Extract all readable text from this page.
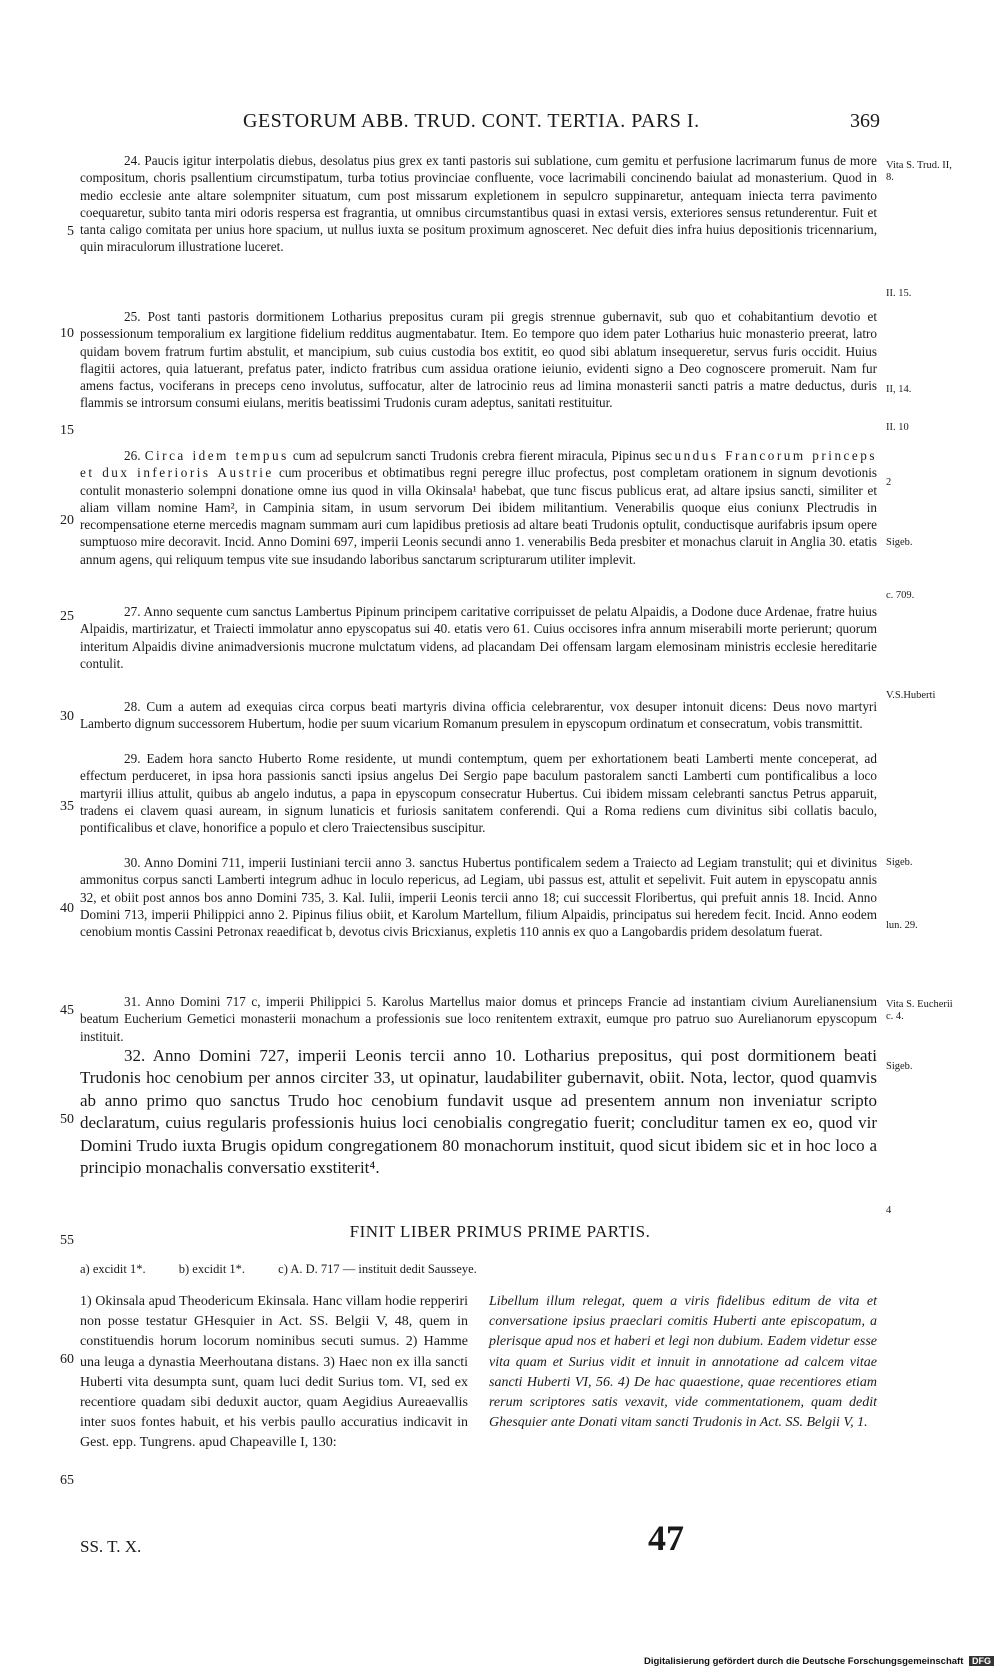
GESTORUM ABB. TRUD. CONT. TERTIA. PARS I.	369

24. Paucis igitur interpolatis diebus, desolatus pius grex ex tanti pastoris sui sublatione, cum gemitu et perfusione lacrimarum funus de more compositum, choris psallentium circumstipatum, turba totius provinciae confluente, voce lacrimabili concinendo baiulat ad monasterium. Quod in medio ecclesie ante altare solempniter situatum, cum post missarum expletionem in sepulcro suppinaretur, antequam iniecta terra pavimento coequaretur, subito tanta miri odoris respersa est fragrantia, ut omnibus circumstantibus quasi in extasi versis, exteriores sensus retunderentur. Fuit et tanta caligo comitata per unius hore spacium, ut nullus iuxta se positum proximum agnosceret. Nec defuit dies infra huius depositionis tricennarium, quin miraculorum illustratione luceret.

25. Post tanti pastoris dormitionem Lotharius prepositus curam pii gregis strennue gubernavit, sub quo et cohabitantium devotio et possessionum temporalium ex largitione fidelium redditus augmentabatur. Item. Eo tempore quo idem pater Lotharius huic monasterio preerat, latro quidam bovem fratrum furtim abstulit, et mancipium, sub cuius custodia bos extitit, eo quod sibi ablatum insequeretur, servus furis occidit. Huius flagitii actores, quia latuerant, prefatus pater, indicto fratribus cum assidua oratione ieiunio, evidenti signo a Deo cognoscere promeruit. Nam fur amens factus, vociferans in preceps ceno involutus, suffocatur, alter de latrocinio reus ad limina monasterii sancti patris a matre deductus, duris flammis se introrsum consumi eiulans, meritis beatissimi Trudonis curam adeptus, sanitati restituitur.

26. Circa idem tempus cum ad sepulcrum sancti Trudonis crebra fierent miracula, Pipinus secundus Francorum princeps et dux inferioris Austrie cum proceribus et obtimatibus regni peregre illuc profectus, post completam orationem in signum devotionis contulit monasterio solempni donatione omne ius quod in villa Okinsala¹ habebat, que tunc fiscus publicus erat, ad altare ipsius sancti, similiter et aliam villam nomine Ham², in Campinia sitam, in usum servorum Dei ibidem militantium. Venerabilis quoque eius coniunx Plectrudis in recompensatione eterne mercedis magnam summam auri cum lapidibus pretiosis ad altare beati Trudonis optulit, conductisque aurifabris ipsum opere sumptuoso mire decoravit. Incid. Anno Domini 697, imperii Leonis secundi anno 1. venerabilis Beda presbiter et monachus claruit in Anglia 30. etatis annum agens, qui reliquum tempus vite sue insudando laboribus sanctarum scripturarum utiliter implevit.

27. Anno sequente cum sanctus Lambertus Pipinum principem caritative corripuisset de pelatu Alpaidis, a Dodone duce Ardenae, fratre huius Alpaidis, martirizatur, et Traiecti immolatur anno epyscopatus sui 40. etatis vero 61. Cuius occisores infra annum miserabili morte perierunt; quorum interitum Alpaidis divine animadversionis mucrone mulctatum videns, ad placandam Dei offensam largam elemosinam ministris ecclesie hereditarie contulit.

28. Cum a autem ad exequias circa corpus beati martyris divina officia celebrarentur, vox desuper intonuit dicens: Deus novo martyri Lamberto dignum successorem Hubertum, hodie per suum vicarium Romanum presulem in epyscopum ordinatum et consecratum, vobis transmittit.

29. Eadem hora sancto Huberto Rome residente, ut mundi contemptum, quem per exhortationem beati Lamberti mente conceperat, ad effectum perduceret, in ipsa hora passionis sancti ipsius angelus Dei Sergio pape baculum pastoralem sancti Lamberti cum pontificalibus a loco martyrii illius attulit, quibus ab angelo indutus, a papa in epyscopum consecratur Hubertus. Cui ibidem missam celebranti sanctus Petrus apparuit, tradens ei clavem quasi auream, in signum lunaticis et furiosis sanitatem conferendi. Qui a Roma rediens cum divinitus sibi collatis baculo, pontificalibus et clave, honorifice a populo et clero Traiectensibus suscipitur.

30. Anno Domini 711, imperii Iustiniani tercii anno 3. sanctus Hubertus pontificalem sedem a Traiecto ad Legiam transtulit; qui et divinitus ammonitus corpus sancti Lamberti integrum adhuc in loculo repericus, ad Legiam, ubi passus est, attulit et sepelivit. Fuit autem in epyscopatu annis 32, et obiit post annos bos anno Domini 735, 3. Kal. Iulii, imperii Leonis tercii anno 18; cui successit Floribertus, qui prefuit annis 18. Incid. Anno Domini 713, imperii Philippici anno 2. Pipinus filius obiit, et Karolum Martellum, filium Alpaidis, principatus sui heredem fecit. Incid. Anno eodem cenobium montis Cassini Petronax reaedificat b, devotus civis Bricxianus, expletis 110 annis ex quo a Langobardis pridem desolatum fuerat.

31. Anno Domini 717 c, imperii Philippici 5. Karolus Martellus maior domus et princeps Francie ad instantiam civium Aurelianensium beatum Eucherium Gemetici monasterii monachum a professionis sue loco renitentem extraxit, eumque pro patruo suo Aurelianorum epyscopum instituit.

32. Anno Domini 727, imperii Leonis tercii anno 10. Lotharius prepositus, qui post dormitionem beati Trudonis hoc cenobium per annos circiter 33, ut opinatur, laudabiliter gubernavit, obiit. Nota, lector, quod quamvis ab anno primo quo sanctus Trudo hoc cenobium fundavit usque ad presentem annum non inveniatur scripto declaratum, cuius regularis professionis huius loci cenobialis congregatio fuerit; concluditur tamen ex eo, quod vir Domini Trudo iuxta Brugis opidum congregationem 80 monachorum instituit, quod sicut ibidem sic et in hoc loco a principio monachalis conversatio exstiterit⁴.

5
10
15
20
25
30
35
40
45
50
55
60
65
Vita S. Trud. II, 8.
II. 15.
II, 14.
II. 10
2
Sigeb.
c. 709.
V.S.Huberti
Sigeb.
lun. 29.
Vita S. Eucherii c. 4.
Sigeb.
4
FINIT LIBER PRIMUS PRIME PARTIS.
a) excidit 1*.	b) excidit 1*.	c) A. D. 717 — instituit dedit Sausseye.

1) Okinsala apud Theodericum Ekinsala. Hanc villam hodie repperiri non posse testatur GHesquier in Act. SS. Belgii V, 48, quem in constituendis horum locorum nominibus secuti sumus. 2) Hamme una leuga a dynastia Meerhoutana distans. 3) Haec non ex illa sancti Huberti vita desumpta sunt, quam luci dedit Surius tom. VI, sed ex recentiore quadam sibi deduxit auctor, quam Aegidius Aureaevallis inter suos fontes habuit, et his verbis paullo accuratius indicavit in Gest. epp. Tungrens. apud Chapeaville I, 130:

Libellum illum relegat, quem a viris fidelibus editum de vita et conversatione ipsius praeclari comitis Huberti ante episcopatum, a plerisque apud nos et haberi et legi non dubium. Eadem videtur esse vita quam et Surius vidit et innuit in annotatione ad calcem vitae sancti Huberti VI, 56. 4) De hac quaestione, quae recentiores etiam rerum scriptores satis vexavit, vide commentationem, quam dedit Ghesquier ante Donati vitam sancti Trudonis in Act. SS. Belgii V, 1.

SS. T. X.	47
Digitalisierung gefördert durch die Deutsche Forschungsgemeinschaft DFG
